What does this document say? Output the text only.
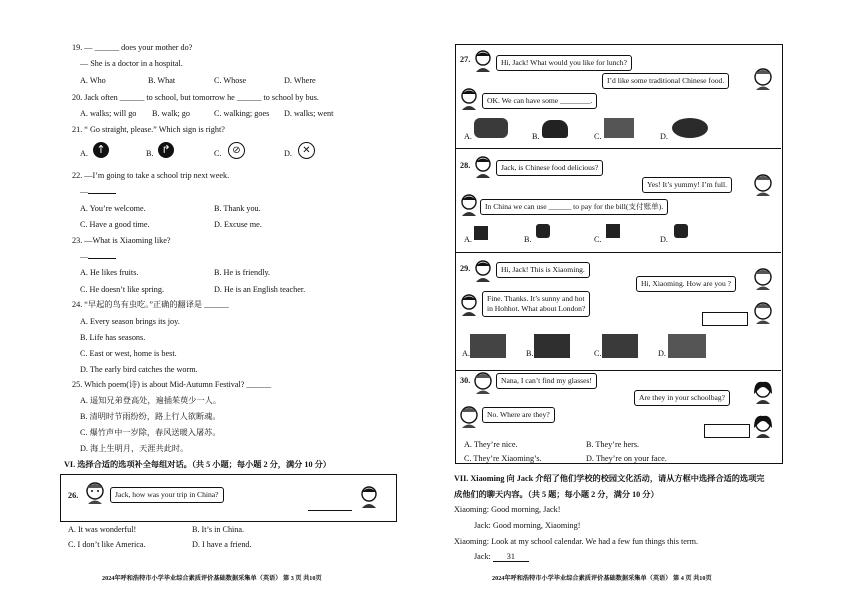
19. — ______ does your mother do?
— She is a doctor in a hospital.
A. Who	B. What	C. Whose	D. Where
20. Jack often ______ to school, but tomorrow he ______ to school by bus.
A. walks; will go B. walk; go	C. walking; goes D. walks; went
21. “ Go straight, please.” Which sign is right?
A. ↑	B. ↱	C.	⊘	D.	✕
22. —I’m going to take a school trip next week.
—
A. You’re welcome.	B. Thank you.
C. Have a good time.	D. Excuse me.
23. —What is Xiaoming like?
—
A. He likes fruits.	B. He is friendly.
C. He doesn’t like spring.	D. He is an English teacher.
24. “早起的鸟有虫吃。”正确的翻译是 ______
A. Every season brings its joy.
B. Life has seasons.
C. East or west, home is best.
D. The early bird catches the worm.
25. Which poem(诗) is about Mid-Autumn Festival? ______
A. 遥知兄弟登高处，遍插茱萸少一人。
B. 清明时节雨纷纷，路上行人欲断魂。
C. 爆竹声中一岁除，春风送暖入屠苏。
D. 海上生明月，天涯共此时。
VI. 选择合适的选项补全每组对话。（共 5 小题；每小题 2 分，满分 10 分）
26.	Jack, how was your trip in China?
A. It was wonderful!	B. It’s in China.
C. I don’t like America.	D. I have a friend.
2024年呼和浩特市小学毕业综合素质评价基础数据采集单（英语） 第 3 页 共10页
27.	Hi, Jack! What would you like for lunch?
I’d like some traditional Chinese food.
OK. We can have some ________.
A.	B.	C.	D.
28.	Jack, is Chinese food delicious?
Yes! It’s yummy! I’m full.
In China we can use ______ to pay for the bill(支付账单).
A.	B.	C.	D.
29.	Hi, Jack! This is Xiaoming.
Hi, Xiaoming. How are you ?
Fine. Thanks. It’s sunny and hot
in Hohhot. What about London?
A.	B.	C.	D.
30.	Nana, I can’t find my glasses!
Are they in your schoolbag?
No. Where are they?
A. They’re nice.	B. They’re hers.
C. They’re Xiaoming’s.	D. They’re on your face.
VII. Xiaoming 向 Jack 介绍了他们学校的校园文化活动，请从方框中选择合适的选项完
成他们的聊天内容。（共 5 题；每小题 2 分，满分 10 分）
Xiaoming: Good morning, Jack!
Jack: Good morning, Xiaoming!
Xiaoming: Look at my school calendar. We had a few fun things this term.
Jack: 31
2024年呼和浩特市小学毕业综合素质评价基础数据采集单（英语） 第 4 页 共10页
